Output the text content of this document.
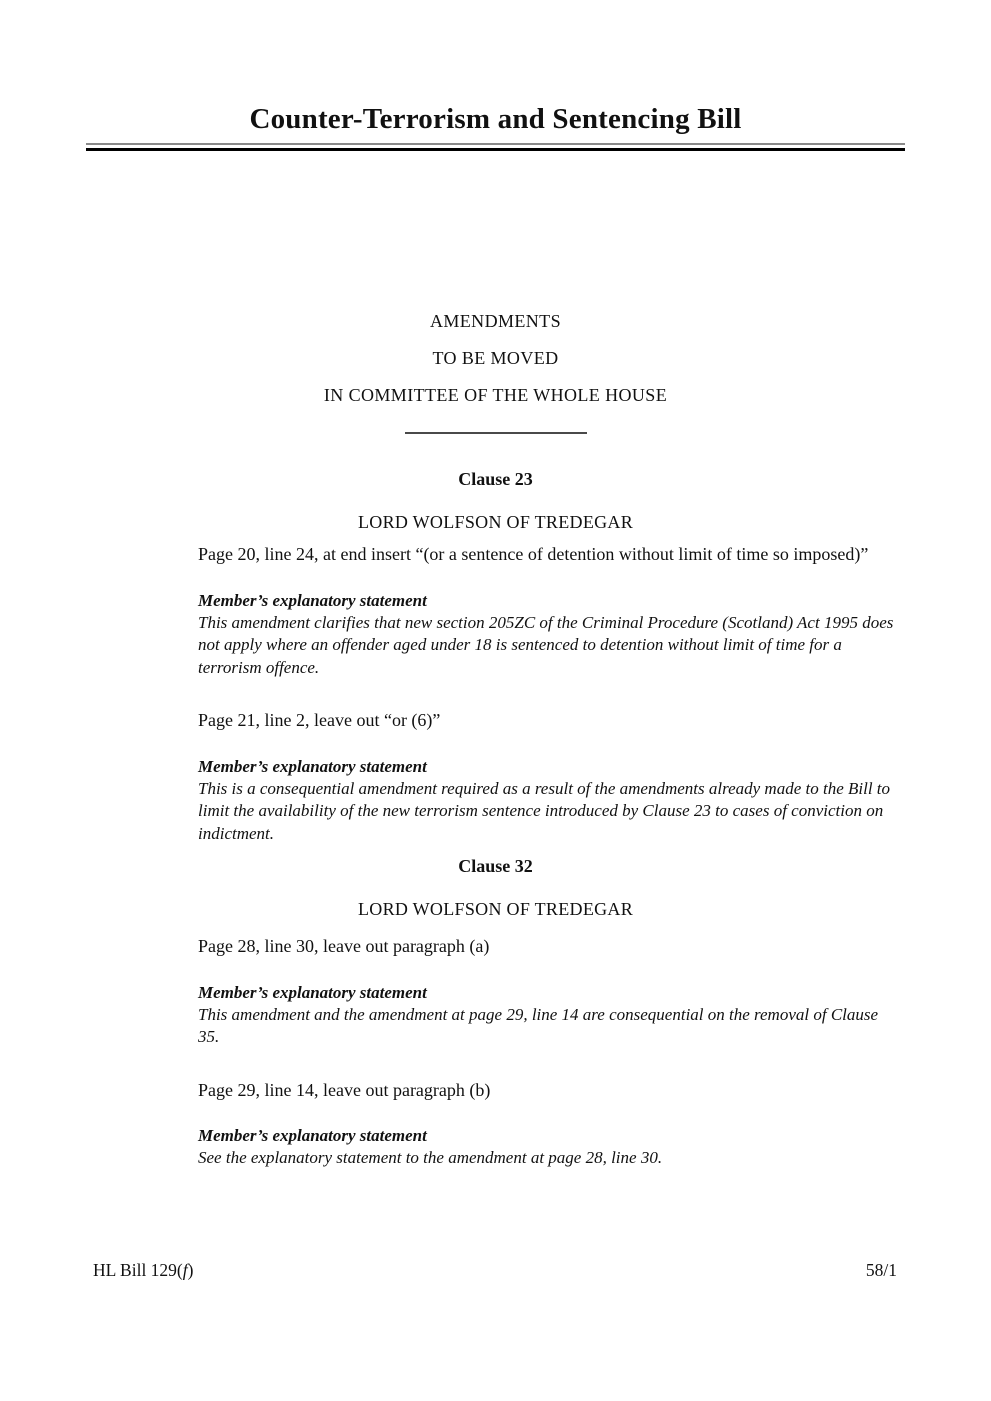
Counter-Terrorism and Sentencing Bill

AMENDMENTS

TO BE MOVED

IN COMMITTEE OF THE WHOLE HOUSE

Clause 23

LORD WOLFSON OF TREDEGAR

Page 20, line 24, at end insert “(or a sentence of detention without limit of time so imposed)”

Member’s explanatory statement

This amendment clarifies that new section 205ZC of the Criminal Procedure (Scotland) Act 1995 does not apply where an offender aged under 18 is sentenced to detention without limit of time for a terrorism offence.

Page 21, line 2, leave out “or (6)”

Member’s explanatory statement

This is a consequential amendment required as a result of the amendments already made to the Bill to limit the availability of the new terrorism sentence introduced by Clause 23 to cases of conviction on indictment.

Clause 32

LORD WOLFSON OF TREDEGAR

Page 28, line 30, leave out paragraph (a)

Member’s explanatory statement

This amendment and the amendment at page 29, line 14 are consequential on the removal of Clause 35.

Page 29, line 14, leave out paragraph (b)

Member’s explanatory statement

See the explanatory statement to the amendment at page 28, line 30.

HL Bill 129(f)	58/1
